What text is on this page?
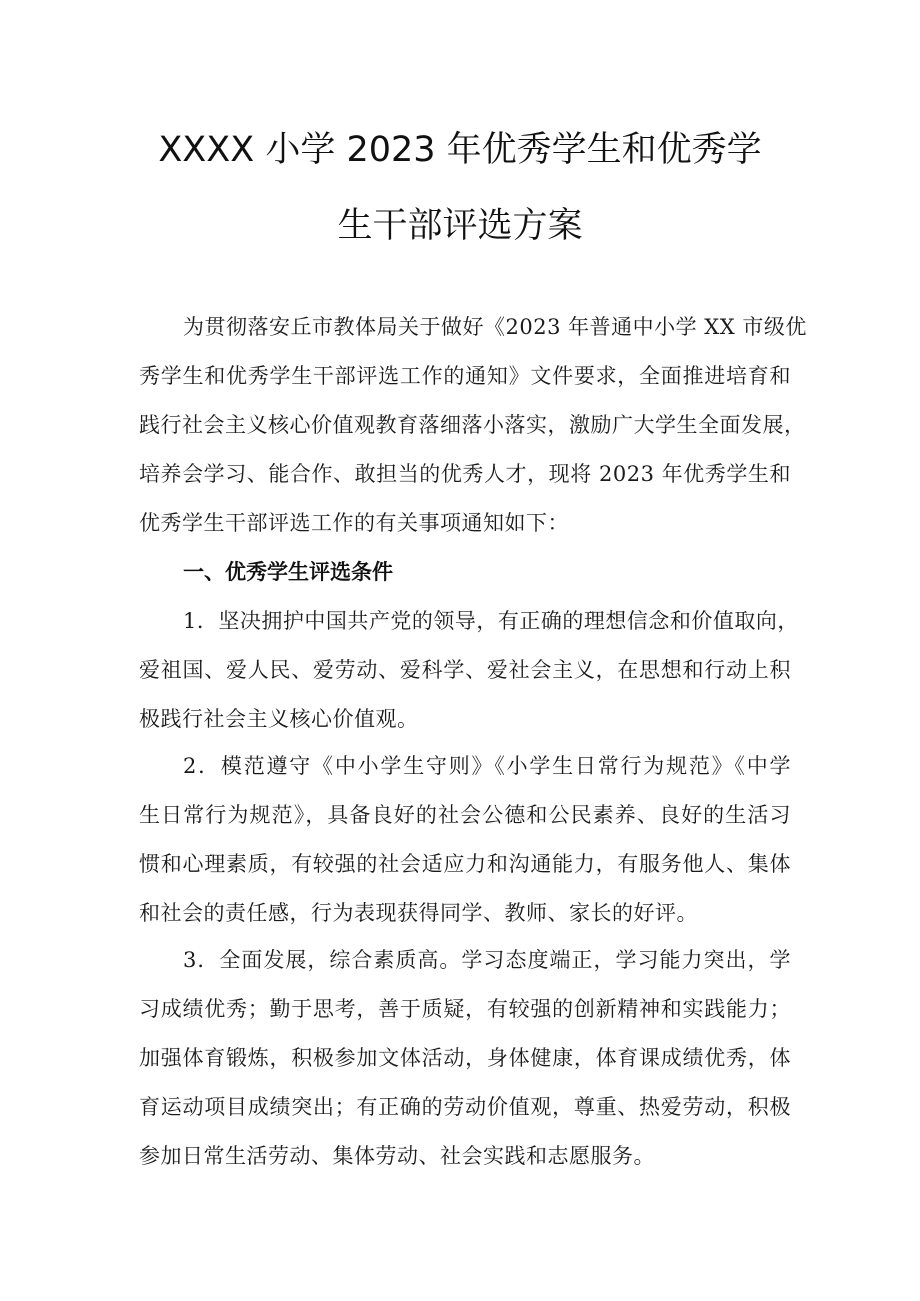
XXXX 小学 2023 年优秀学生和优秀学
生干部评选方案
为贯彻落安丘市教体局关于做好《2023 年普通中小学 XX 市级优
秀学生和优秀学生干部评选工作的通知》文件要求，全面推进培育和
践行社会主义核心价值观教育落细落小落实，激励广大学生全面发展，
培养会学习、能合作、敢担当的优秀人才，现将 2023 年优秀学生和
优秀学生干部评选工作的有关事项通知如下：
一、优秀学生评选条件
1．坚决拥护中国共产党的领导，有正确的理想信念和价值取向，
爱祖国、爱人民、爱劳动、爱科学、爱社会主义，在思想和行动上积
极践行社会主义核心价值观。
2．模范遵守《中小学生守则》《小学生日常行为规范》《中学
生日常行为规范》，具备良好的社会公德和公民素养、良好的生活习
惯和心理素质，有较强的社会适应力和沟通能力，有服务他人、集体
和社会的责任感，行为表现获得同学、教师、家长的好评。
3．全面发展，综合素质高。学习态度端正，学习能力突出，学
习成绩优秀；勤于思考，善于质疑，有较强的创新精神和实践能力；
加强体育锻炼，积极参加文体活动，身体健康，体育课成绩优秀，体
育运动项目成绩突出；有正确的劳动价值观，尊重、热爱劳动，积极
参加日常生活劳动、集体劳动、社会实践和志愿服务。
